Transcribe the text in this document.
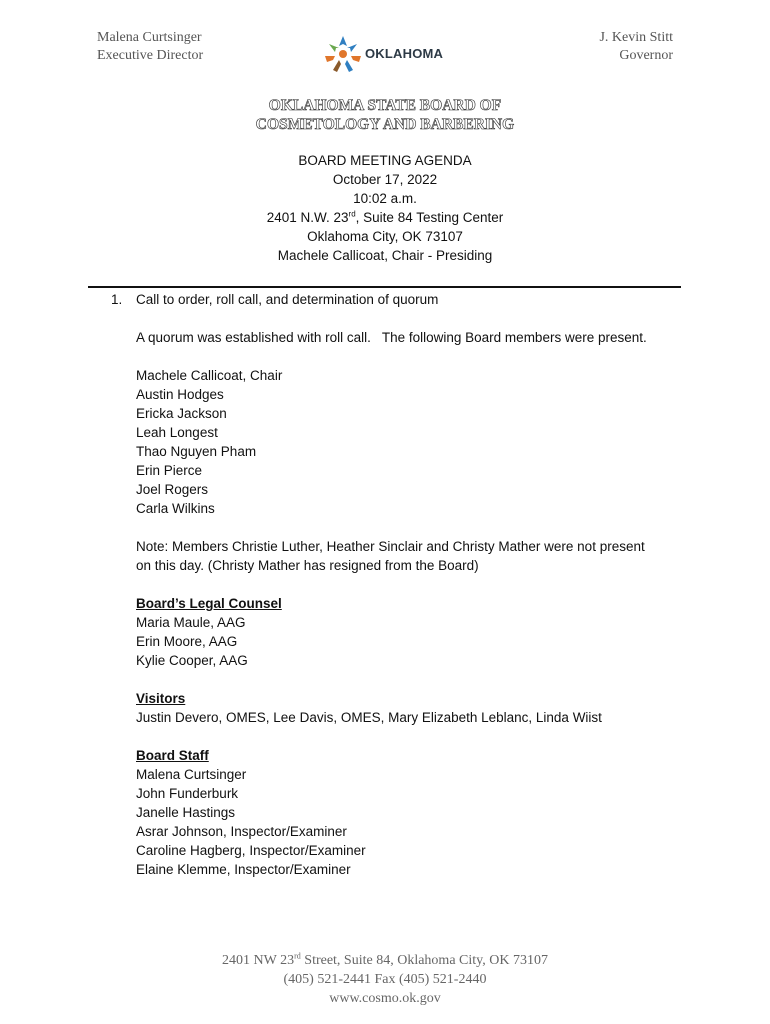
Malena Curtsinger
Executive Director	OKLAHOMA
J. Kevin Stitt
Governor
OKLAHOMA STATE BOARD OF
COSMETOLOGY AND BARBERING
BOARD MEETING AGENDA
October 17, 2022
10:02 a.m.
2401 N.W. 23rd, Suite 84 Testing Center
Oklahoma City, OK 73107
Machele Callicoat, Chair - Presiding
1. Call to order, roll call, and determination of quorum
A quorum was established with roll call.   The following Board members were present.
Machele Callicoat, Chair
Austin Hodges
Ericka Jackson
Leah Longest
Thao Nguyen Pham
Erin Pierce
Joel Rogers
Carla Wilkins
Note: Members Christie Luther, Heather Sinclair and Christy Mather were not present
on this day. (Christy Mather has resigned from the Board)
Board’s Legal Counsel
Maria Maule, AAG
Erin Moore, AAG
Kylie Cooper, AAG
Visitors
Justin Devero, OMES, Lee Davis, OMES, Mary Elizabeth Leblanc, Linda Wiist
Board Staff
Malena Curtsinger
John Funderburk
Janelle Hastings
Asrar Johnson, Inspector/Examiner
Caroline Hagberg, Inspector/Examiner
Elaine Klemme, Inspector/Examiner
2401 NW 23rd Street, Suite 84, Oklahoma City, OK 73107
(405) 521-2441 Fax (405) 521-2440
www.cosmo.ok.gov
